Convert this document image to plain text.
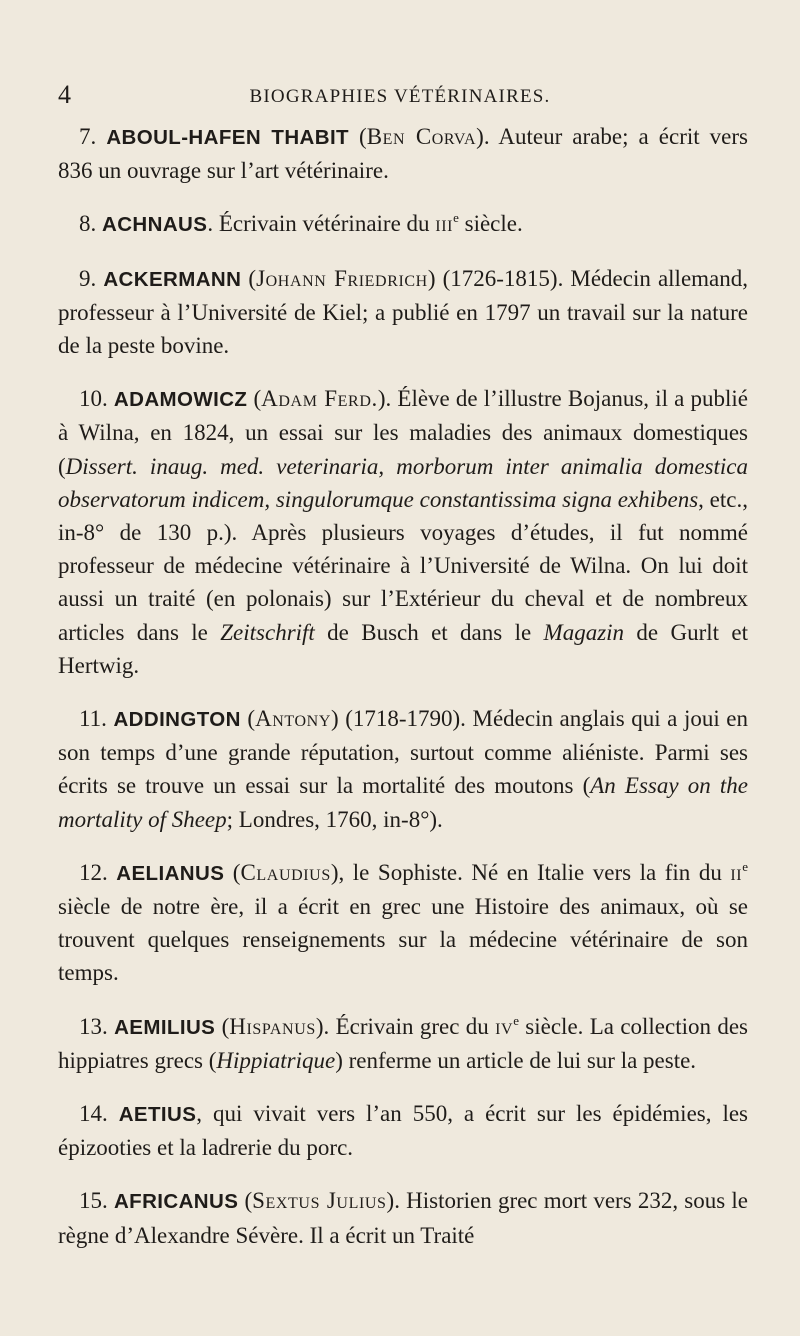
4	BIOGRAPHIES VÉTÉRINAIRES.

7. ABOUL-HAFEN THABIT (Ben Corva). Auteur arabe; a écrit vers 836 un ouvrage sur l’art vétérinaire.

8. ACHNAUS. Écrivain vétérinaire du iii$^e$ siècle.

9. ACKERMANN (Johann Friedrich) (1726-1815). Médecin allemand, professeur à l’Université de Kiel; a publié en 1797 un travail sur la nature de la peste bovine.

10. ADAMOWICZ (Adam Ferd.). Élève de l’illustre Bojanus, il a publié à Wilna, en 1824, un essai sur les maladies des animaux domestiques (Dissert. inaug. med. veterinaria, morborum inter animalia domestica observatorum indicem, singulorumque constantissima signa exhibens, etc., in-8° de 130 p.). Après plusieurs voyages d’études, il fut nommé professeur de médecine vétérinaire à l’Université de Wilna. On lui doit aussi un traité (en polonais) sur l’Extérieur du cheval et de nombreux articles dans le Zeitschrift de Busch et dans le Magazin de Gurlt et Hertwig.

11. ADDINGTON (Antony) (1718-1790). Médecin anglais qui a joui en son temps d’une grande réputation, surtout comme aliéniste. Parmi ses écrits se trouve un essai sur la mortalité des moutons (An Essay on the mortality of Sheep; Londres, 1760, in-8°).

12. AELIANUS (Claudius), le Sophiste. Né en Italie vers la fin du $ii^e$ siècle de notre ère, il a écrit en grec une Histoire des animaux, où se trouvent quelques renseignements sur la médecine vétérinaire de son temps.

13. AEMILIUS (Hispanus). Écrivain grec du $iv^e$ siècle. La collection des hippiatres grecs (Hippiatrique) renferme un article de lui sur la peste.

14. AETIUS, qui vivait vers l’an 550, a écrit sur les épidémies, les épizooties et la ladrerie du porc.

15. AFRICANUS (Sextus Julius). Historien grec mort vers 232, sous le règne d’Alexandre Sévère. Il a écrit un Traité
